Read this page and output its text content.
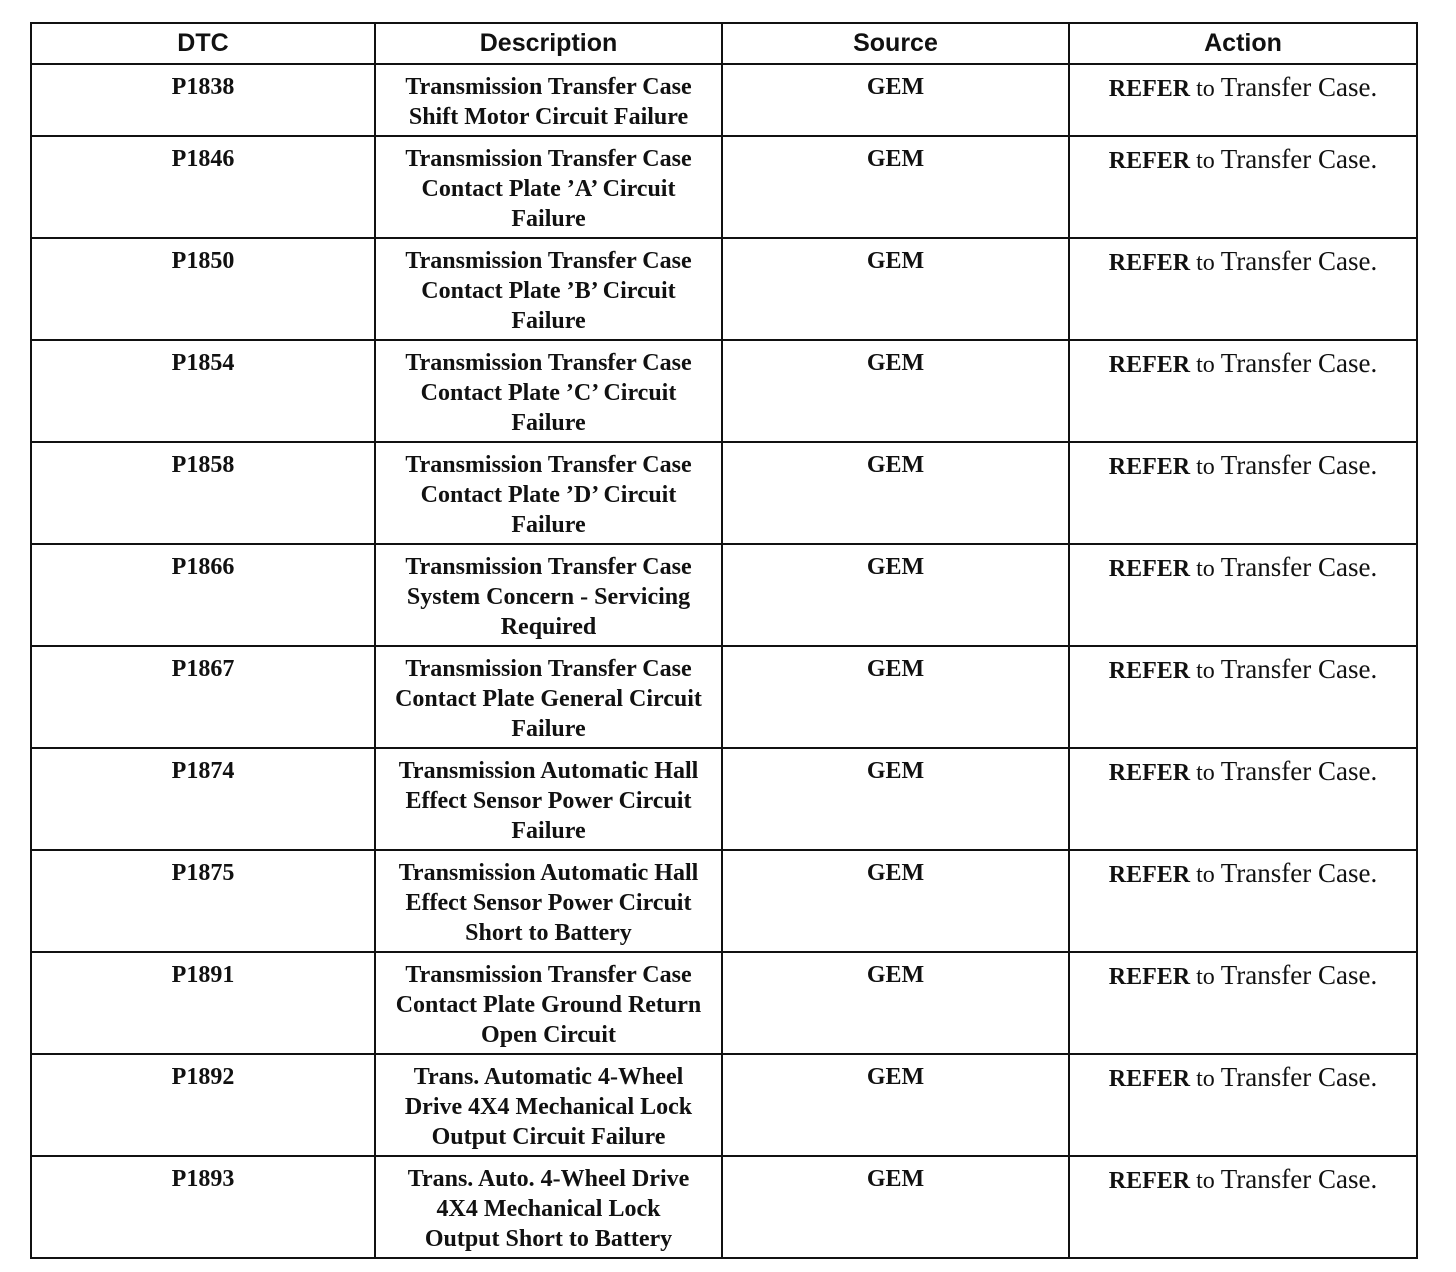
DTC	Description	Source	Action
P1838	Transmission Transfer Case
Shift Motor Circuit Failure	GEM	REFER to Transfer Case.
P1846	Transmission Transfer Case
Contact Plate ’A’ Circuit
Failure	GEM	REFER to Transfer Case.
P1850	Transmission Transfer Case
Contact Plate ’B’ Circuit
Failure	GEM	REFER to Transfer Case.
P1854	Transmission Transfer Case
Contact Plate ’C’ Circuit
Failure	GEM	REFER to Transfer Case.
P1858	Transmission Transfer Case
Contact Plate ’D’ Circuit
Failure	GEM	REFER to Transfer Case.
P1866	Transmission Transfer Case
System Concern - Servicing
Required	GEM	REFER to Transfer Case.
P1867	Transmission Transfer Case
Contact Plate General Circuit
Failure	GEM	REFER to Transfer Case.
P1874	Transmission Automatic Hall
Effect Sensor Power Circuit
Failure	GEM	REFER to Transfer Case.
P1875	Transmission Automatic Hall
Effect Sensor Power Circuit
Short to Battery	GEM	REFER to Transfer Case.
P1891	Transmission Transfer Case
Contact Plate Ground Return
Open Circuit	GEM	REFER to Transfer Case.
P1892	Trans. Automatic 4-Wheel
Drive 4X4 Mechanical Lock
Output Circuit Failure	GEM	REFER to Transfer Case.
P1893	Trans. Auto. 4-Wheel Drive
4X4 Mechanical Lock
Output Short to Battery	GEM	REFER to Transfer Case.
